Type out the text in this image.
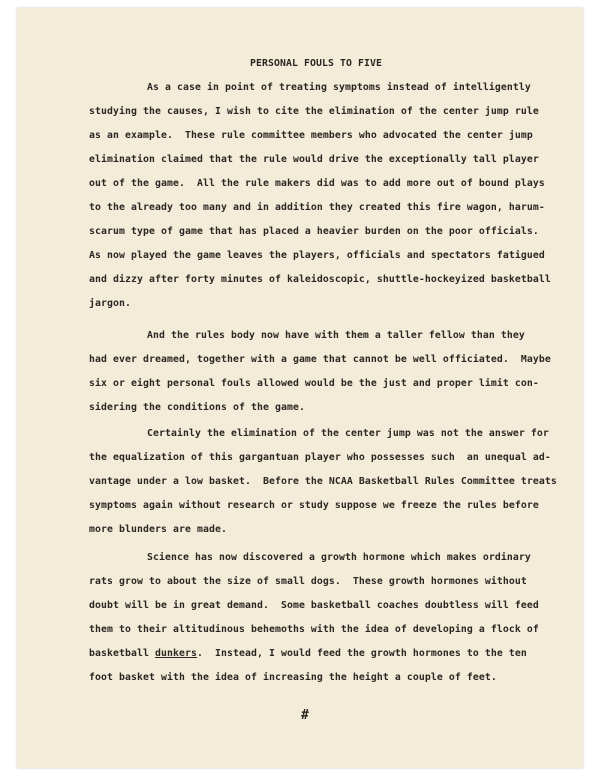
PERSONAL FOULS TO FIVE
As a case in point of treating symptoms instead of intelligently
studying the causes, I wish to cite the elimination of the center jump rule
as an example.  These rule committee members who advocated the center jump
elimination claimed that the rule would drive the exceptionally tall player
out of the game.  All the rule makers did was to add more out of bound plays
to the already too many and in addition they created this fire wagon, harum-
scarum type of game that has placed a heavier burden on the poor officials.
As now played the game leaves the players, officials and spectators fatigued
and dizzy after forty minutes of kaleidoscopic, shuttle-hockeyized basketball
jargon.
And the rules body now have with them a taller fellow than they
had ever dreamed, together with a game that cannot be well officiated.  Maybe
six or eight personal fouls allowed would be the just and proper limit con-
sidering the conditions of the game.
Certainly the elimination of the center jump was not the answer for
the equalization of this gargantuan player who possesses such  an unequal ad-
vantage under a low basket.  Before the NCAA Basketball Rules Committee treats
symptoms again without research or study suppose we freeze the rules before
more blunders are made.
Science has now discovered a growth hormone which makes ordinary
rats grow to about the size of small dogs.  These growth hormones without
doubt will be in great demand.  Some basketball coaches doubtless will feed
them to their altitudinous behemoths with the idea of developing a flock of
basketball dunkers.  Instead, I would feed the growth hormones to the ten
foot basket with the idea of increasing the height a couple of feet.
#
